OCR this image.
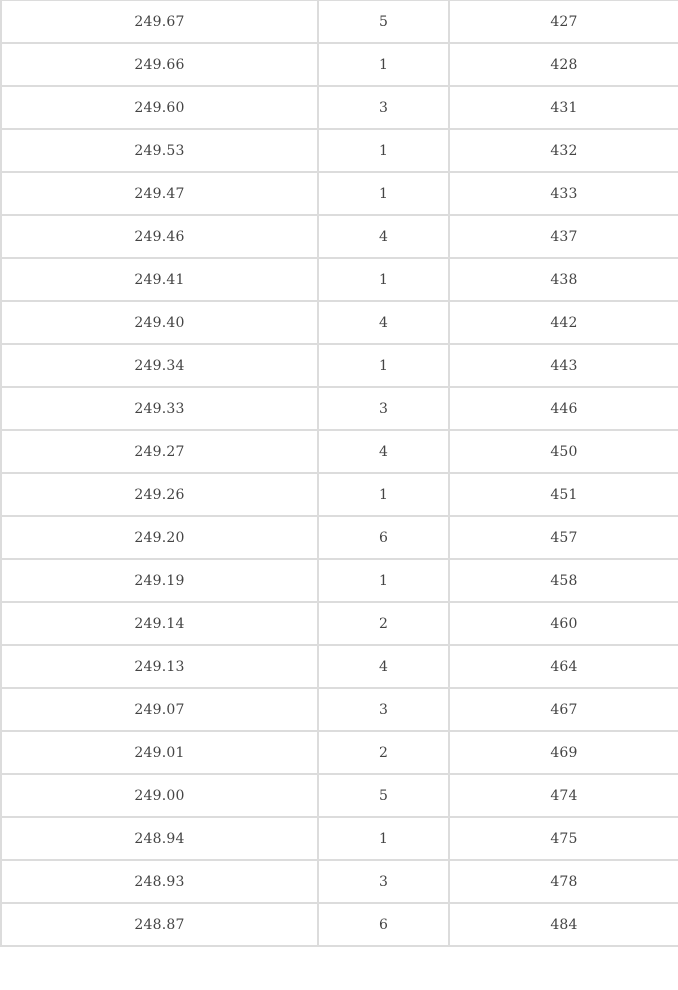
249.67	5	427
249.66	1	428
249.60	3	431
249.53	1	432
249.47	1	433
249.46	4	437
249.41	1	438
249.40	4	442
249.34	1	443
249.33	3	446
249.27	4	450
249.26	1	451
249.20	6	457
249.19	1	458
249.14	2	460
249.13	4	464
249.07	3	467
249.01	2	469
249.00	5	474
248.94	1	475
248.93	3	478
248.87	6	484
